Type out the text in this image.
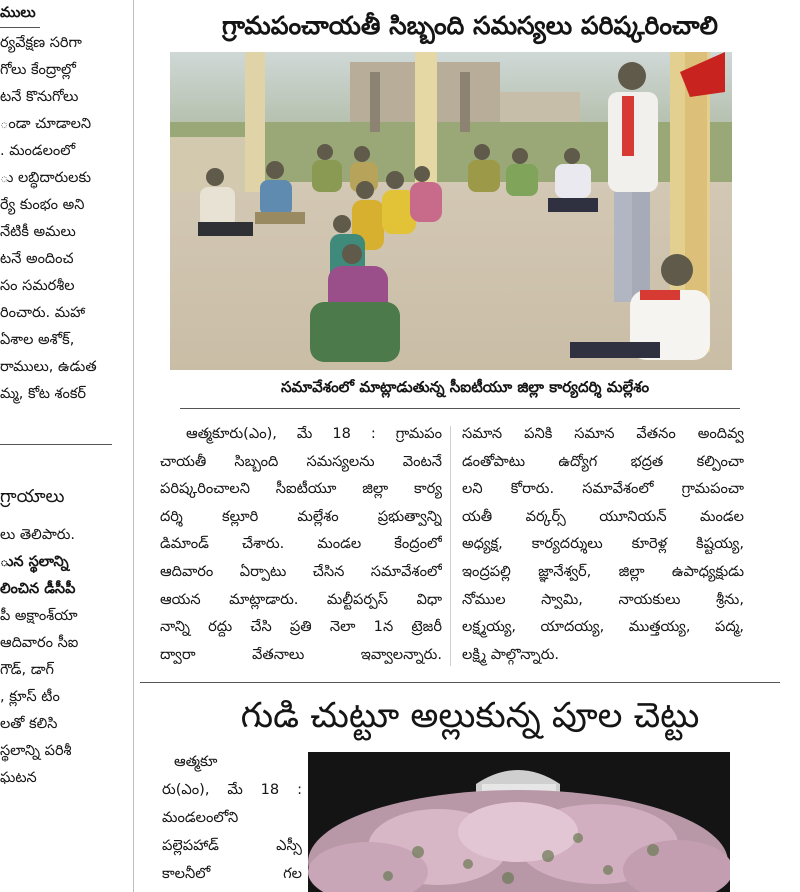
ములు
ర్యవేక్షణ సరిగా
గోలు కేంద్రాల్లో
టనే కొనుగోలు
ండా చూడాలని
. మండలంలో
ు లబ్ధిదారులకు
ర్యే కుంభం అని
నేటికీ అమలు
టనే అందించ
సం సమరశీల
రించారు. మహా
ఏశాల అశోక్,
రాములు, ఉడుత
మ్మ, కోట శంకర్
గ్రాయాలు
లు తెలిపారు.
ున స్థలాన్ని
లించిన డీసీపీ
పీ అక్షాంశ్‌యా
ఆదివారం సీఐ
గౌడ్, డాగ్
, క్లూస్ టీం
లతో కలిసి
స్థలాన్ని పరిశీ
ఘటన
గ్రామపంచాయతీ సిబ్బంది సమస్యలు పరిష్కరించాలి
సమావేశంలో మాట్లాడుతున్న సీఐటీయూ జిల్లా కార్యదర్శి మల్లేశం
ఆత్మకూరు(ఎం), మే 18 : గ్రామపం
చాయతీ సిబ్బంది సమస్యలను వెంటనే
పరిష్కరించాలని సీఐటీయూ జిల్లా కార్య
దర్శి కల్లూరి మల్లేశం ప్రభుత్వాన్ని
డిమాండ్ చేశారు. మండల కేంద్రంలో
ఆదివారం ఏర్పాటు చేసిన సమావేశంలో
ఆయన మాట్లాడారు. మల్టీపర్పస్ విధా
నాన్ని రద్దు చేసి ప్రతి నెలా 1న ట్రెజరీ
ద్వారా వేతనాలు ఇవ్వాలన్నారు.
సమాన పనికి సమాన వేతనం అందివ్వ
డంతోపాటు ఉద్యోగ భద్రత కల్పించా
లని కోరారు. సమావేశంలో గ్రామపంచా
యతీ వర్కర్స్ యూనియన్ మండల
అధ్యక్ష, కార్యదర్శులు కూరెళ్ల కిష్టయ్య,
ఇంద్రపల్లి జ్ఞానేశ్వర్, జిల్లా ఉపాధ్యక్షుడు
నోముల స్వామి, నాయకులు శ్రీను,
లక్ష్మయ్య, యాదయ్య, ముత్తయ్య, పద్మ,
లక్ష్మి పాల్గొన్నారు.
గుడి చుట్టూ అల్లుకున్న పూల చెట్టు
ఆత్మకూ
రు(ఎం), మే 18 :
మండలంలోని
పల్లెపహాడ్ ఎస్సీ
కాలనీలో గల
